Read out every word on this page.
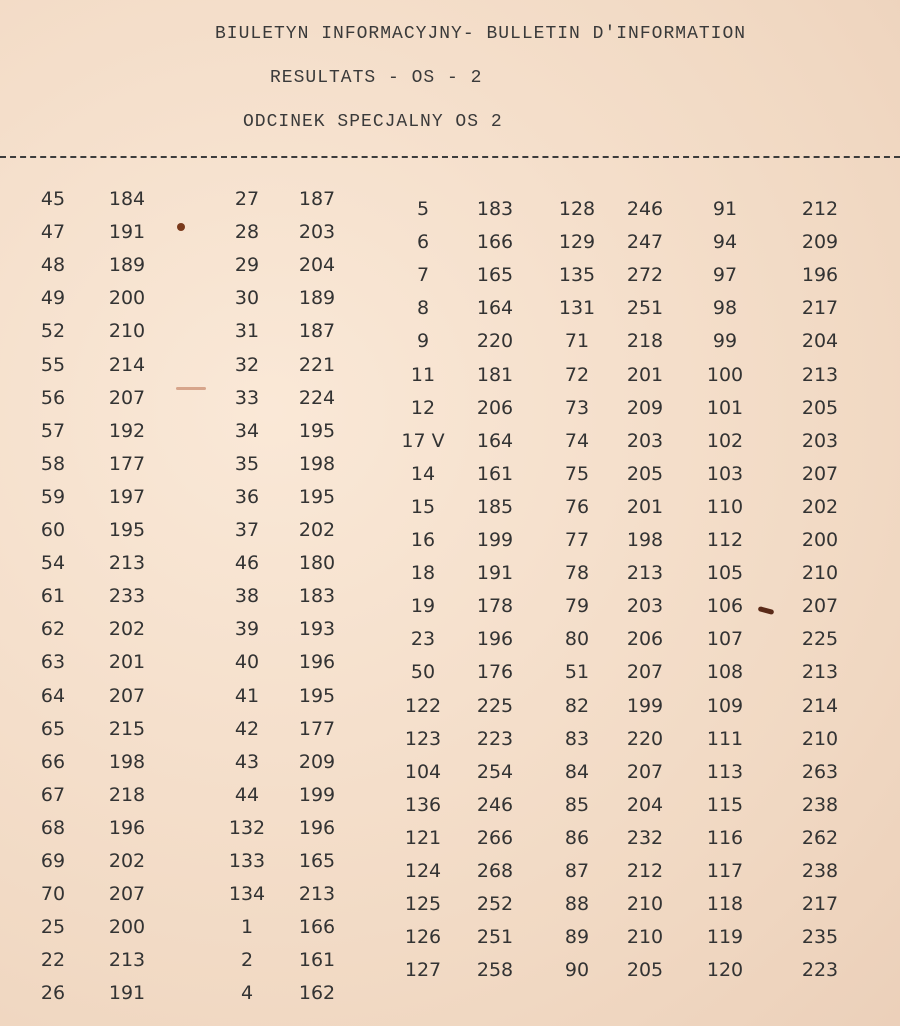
BIULETYN INFORMACYJNY- BULLETIN D'INFORMATION
RESULTATS - OS - 2
ODCINEK SPECJALNY OS 2
45	184
47	191
48	189
49	200
52	210
55	214
56	207
57	192
58	177
59	197
60	195
54	213
61	233
62	202
63	201
64	207
65	215
66	198
67	218
68	196
69	202
70	207
25	200
22	213
26	191
27	187
28	203
29	204
30	189
31	187
32	221
33	224
34	195
35	198
36	195
37	202
46	180
38	183
39	193
40	196
41	195
42	177
43	209
44	199
132	196
133	165
134	213
1	166
2	161
4	162
5	183
6	166
7	165
8	164
9	220
11	181
12	206
17 V	164
14	161
15	185
16	199
18	191
19	178
23	196
50	176
122	225
123	223
104	254
136	246
121	266
124	268
125	252
126	251
127	258
128	246
129	247
135	272
131	251
71	218
72	201
73	209
74	203
75	205
76	201
77	198
78	213
79	203
80	206
51	207
82	199
83	220
84	207
85	204
86	232
87	212
88	210
89	210
90	205
91	212
94	209
97	196
98	217
99	204
100	213
101	205
102	203
103	207
110	202
112	200
105	210
106	207
107	225
108	213
109	214
111	210
113	263
115	238
116	262
117	238
118	217
119	235
120	223
